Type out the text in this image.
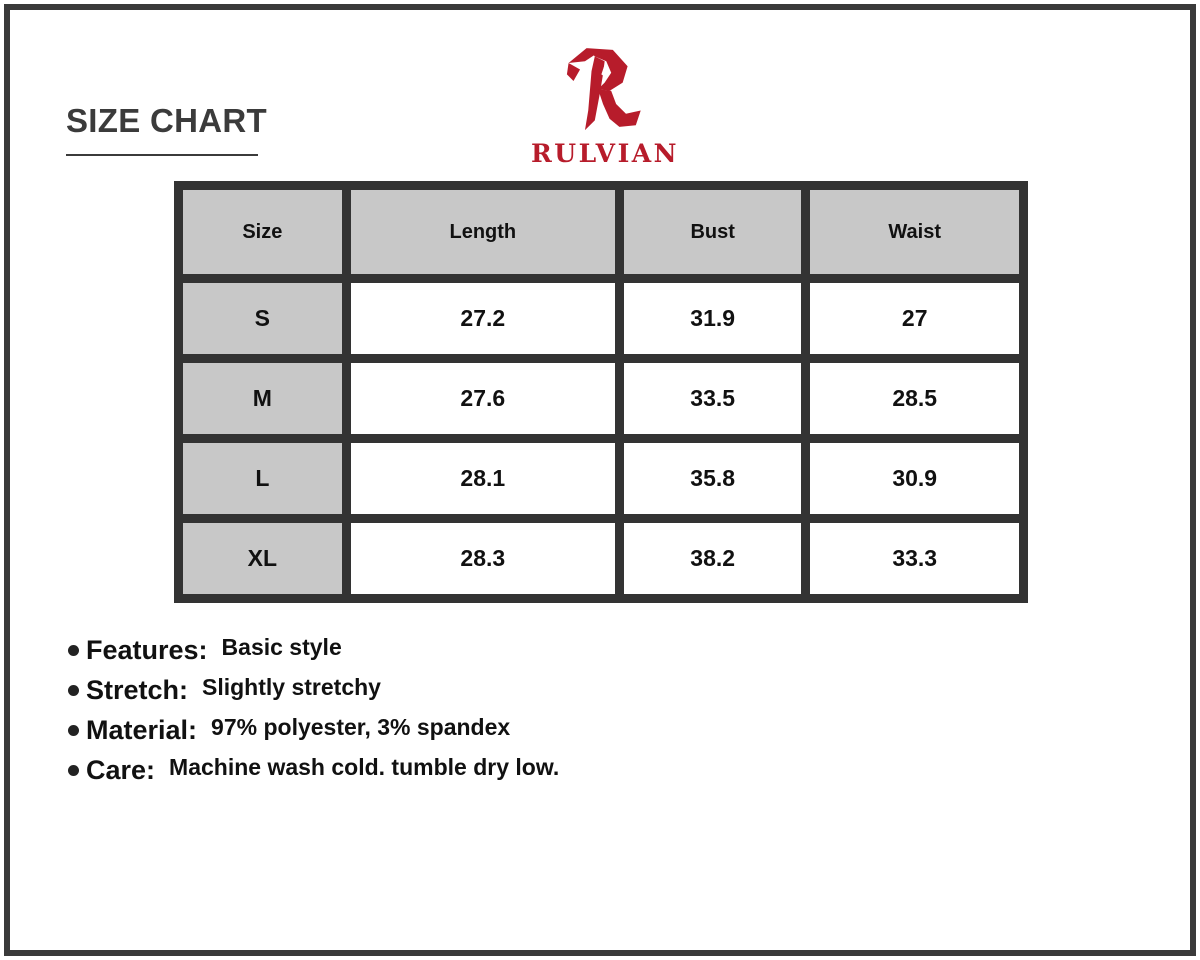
SIZE CHART
RULVIAN
Size	Length	Bust	Waist
S	27.2	31.9	27
M	27.6	33.5	28.5
L	28.1	35.8	30.9
XL	28.3	38.2	33.3
Features: Basic style
Stretch: Slightly stretchy
Material: 97% polyester, 3% spandex
Care: Machine wash cold. tumble dry low.
